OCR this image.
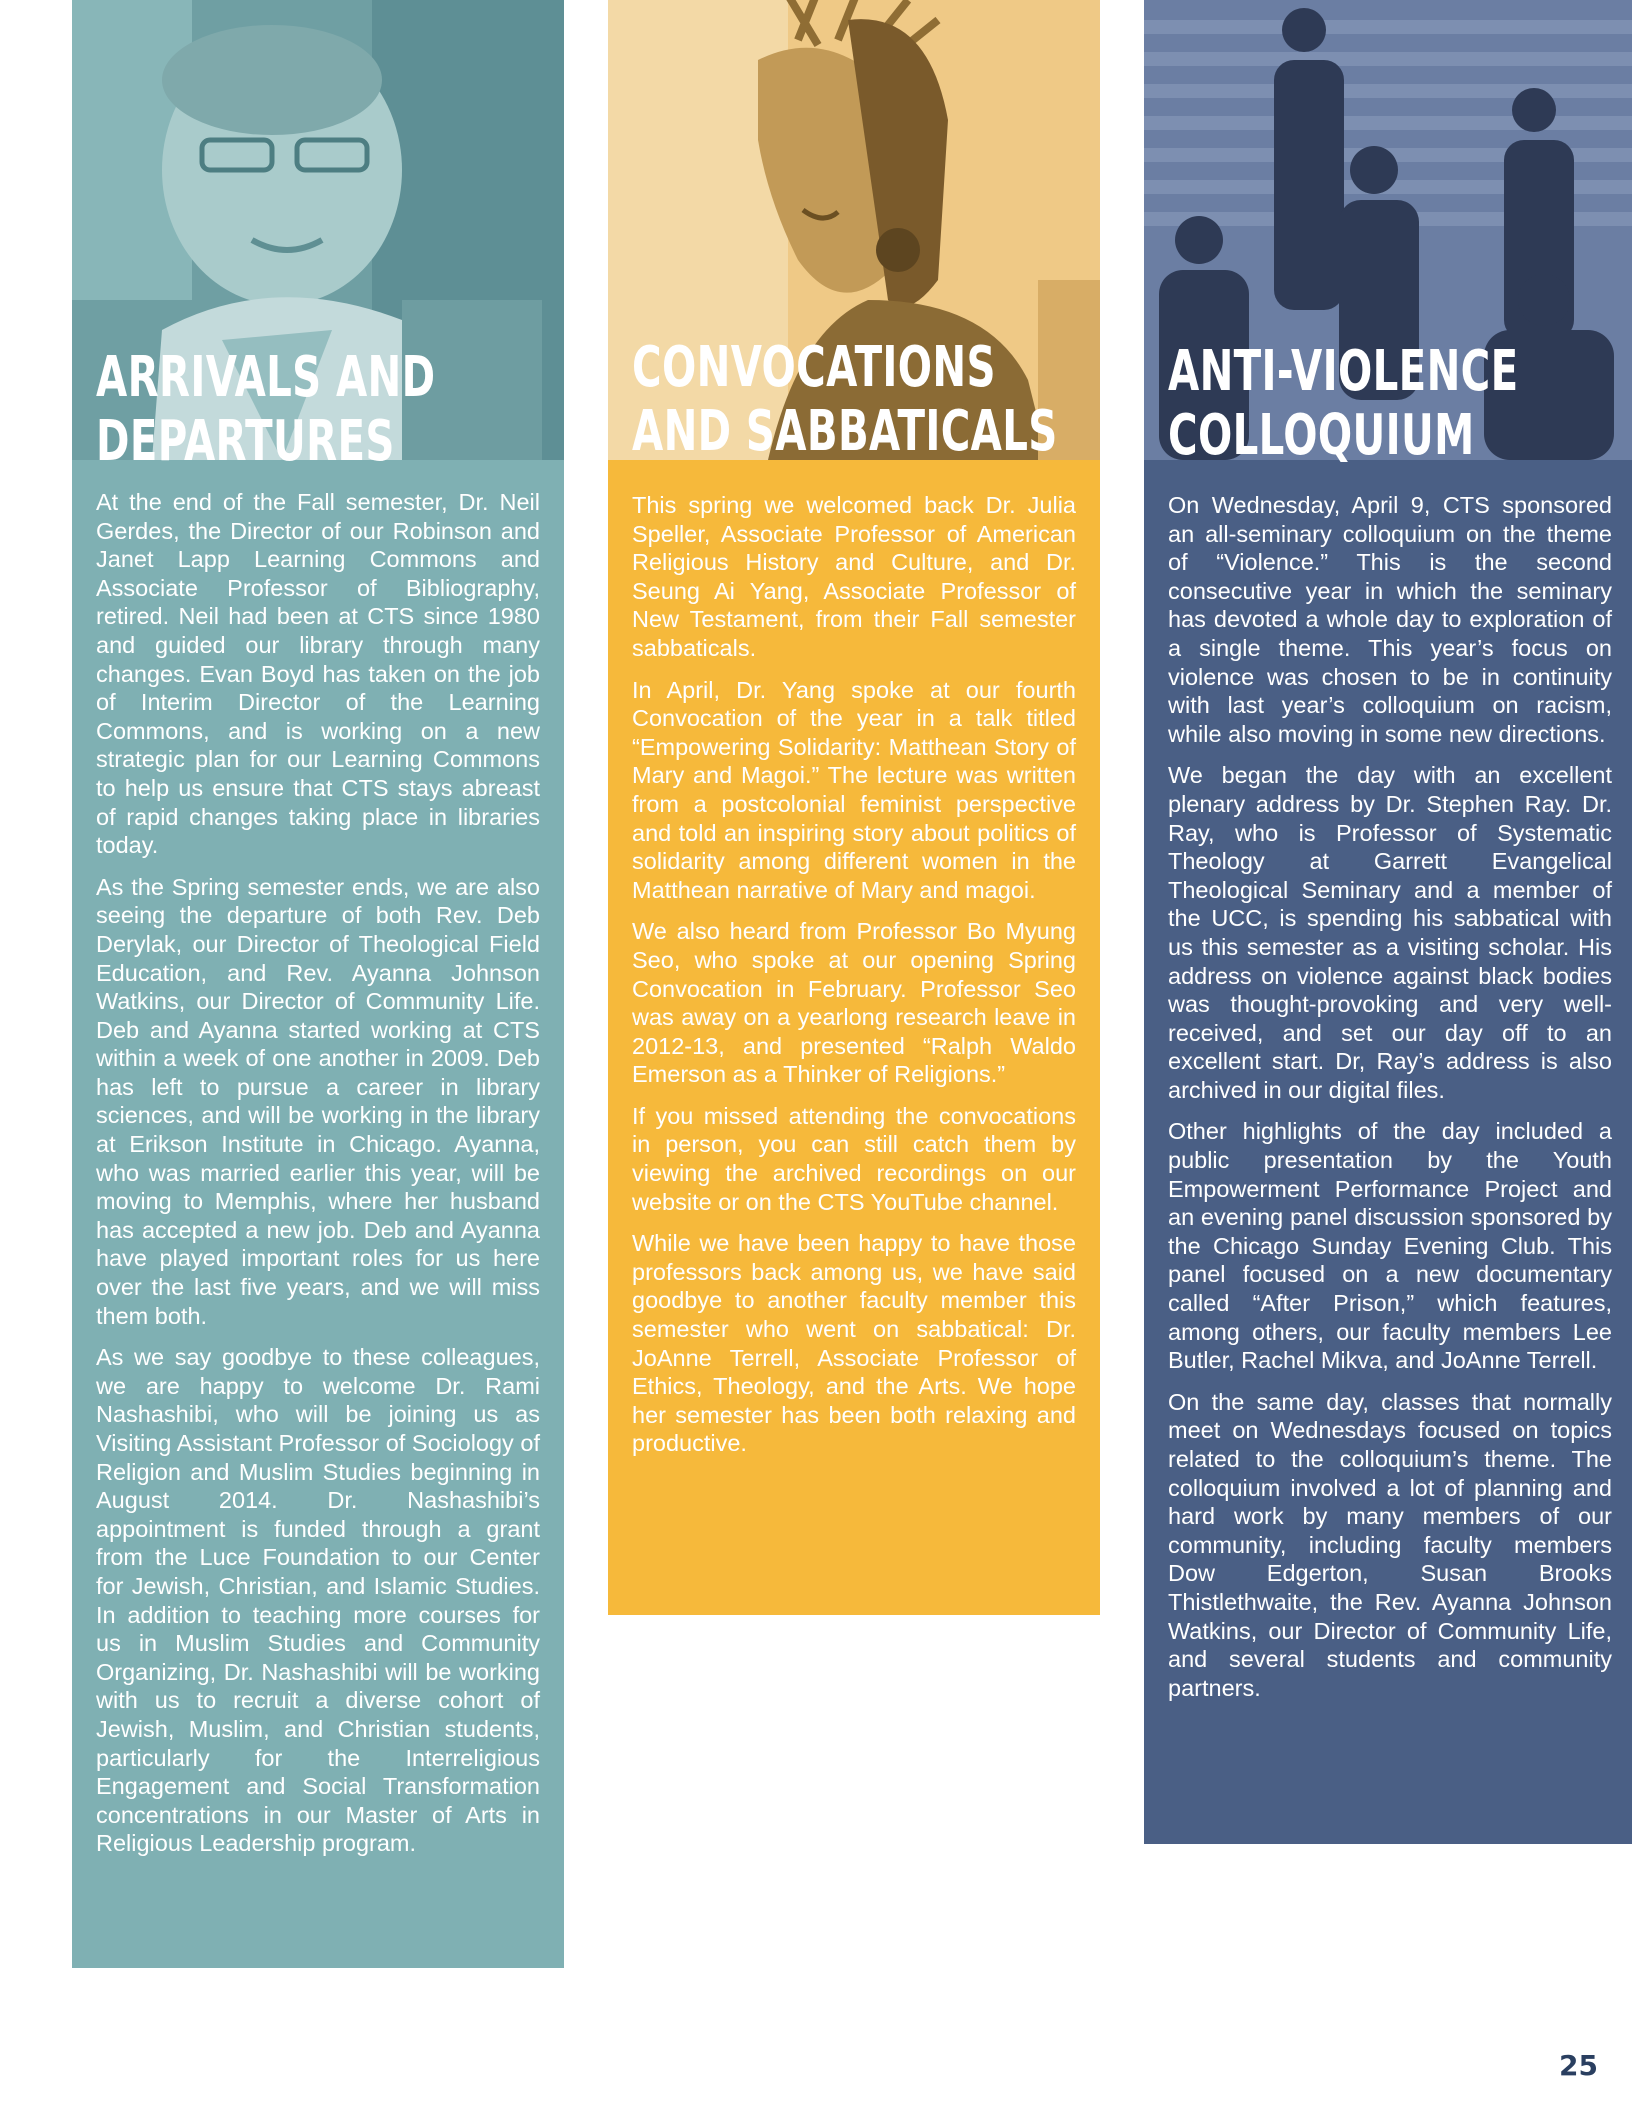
ARRIVALS AND
DEPARTURES

At the end of the Fall semester, Dr. Neil Gerdes, the Director of our Robinson and Janet Lapp Learning Commons and Associate Professor of Bibliography, retired. Neil had been at CTS since 1980 and guided our library through many changes. Evan Boyd has taken on the job of Interim Director of the Learning Commons, and is working on a new strategic plan for our Learning Commons to help us ensure that CTS stays abreast of rapid changes taking place in libraries today.

As the Spring semester ends, we are also seeing the departure of both Rev. Deb Derylak, our Director of Theological Field Education, and Rev. Ayanna Johnson Watkins, our Director of Community Life. Deb and Ayanna started working at CTS within a week of one another in 2009. Deb has left to pursue a career in library sciences, and will be working in the library at Erikson Institute in Chicago. Ayanna, who was married earlier this year, will be moving to Memphis, where her husband has accepted a new job. Deb and Ayanna have played important roles for us here over the last five years, and we will miss them both.

As we say goodbye to these colleagues, we are happy to welcome Dr. Rami Nashashibi, who will be joining us as Visiting Assistant Professor of Sociology of Religion and Muslim Studies beginning in August 2014. Dr. Nashashibi’s appointment is funded through a grant from the Luce Foundation to our Center for Jewish, Christian, and Islamic Studies. In addition to teaching more courses for us in Muslim Studies and Community Organizing, Dr. Nashashibi will be working with us to recruit a diverse cohort of Jewish, Muslim, and Christian students, particularly for the Interreligious Engagement and Social Transformation concentrations in our Master of Arts in Religious Leadership program.

CONVOCATIONS
AND SABBATICALS

This spring we welcomed back Dr. Julia Speller, Associate Professor of American Religious History and Culture, and Dr. Seung Ai Yang, Associate Professor of New Testament, from their Fall semester sabbaticals.

In April, Dr. Yang spoke at our fourth Convocation of the year in a talk titled “Empowering Solidarity: Matthean Story of Mary and Magoi.” The lecture was written from a postcolonial feminist perspective and told an inspiring story about politics of solidarity among different women in the Matthean narrative of Mary and magoi.

We also heard from Professor Bo Myung Seo, who spoke at our opening Spring Convocation in February. Professor Seo was away on a yearlong research leave in 2012-13, and presented “Ralph Waldo Emerson as a Thinker of Religions.”

If you missed attending the convocations in person, you can still catch them by viewing the archived recordings on our website or on the CTS YouTube channel.

While we have been happy to have those professors back among us, we have said goodbye to another faculty member this semester who went on sabbatical: Dr. JoAnne Terrell, Associate Professor of Ethics, Theology, and the Arts. We hope her semester has been both relaxing and productive.

ANTI-VIOLENCE
COLLOQUIUM

On Wednesday, April 9, CTS sponsored an all-seminary colloquium on the theme of “Violence.” This is the second consecutive year in which the seminary has devoted a whole day to exploration of a single theme. This year’s focus on violence was chosen to be in continuity with last year’s colloquium on racism, while also moving in some new directions.

We began the day with an excellent plenary address by Dr. Stephen Ray. Dr. Ray, who is Professor of Systematic Theology at Garrett Evangelical Theological Seminary and a member of the UCC, is spending his sabbatical with us this semester as a visiting scholar. His address on violence against black bodies was thought-provoking and very well-received, and set our day off to an excellent start. Dr, Ray’s address is also archived in our digital files.

Other highlights of the day included a public presentation by the Youth Empowerment Performance Project and an evening panel discussion sponsored by the Chicago Sunday Evening Club. This panel focused on a new documentary called “After Prison,” which features, among others, our faculty members Lee Butler, Rachel Mikva, and JoAnne Terrell.

On the same day, classes that normally meet on Wednesdays focused on topics related to the colloquium’s theme. The colloquium involved a lot of planning and hard work by many members of our community, including faculty members Dow Edgerton, Susan Brooks Thistlethwaite, the Rev. Ayanna Johnson Watkins, our Director of Community Life, and several students and community partners.

25
